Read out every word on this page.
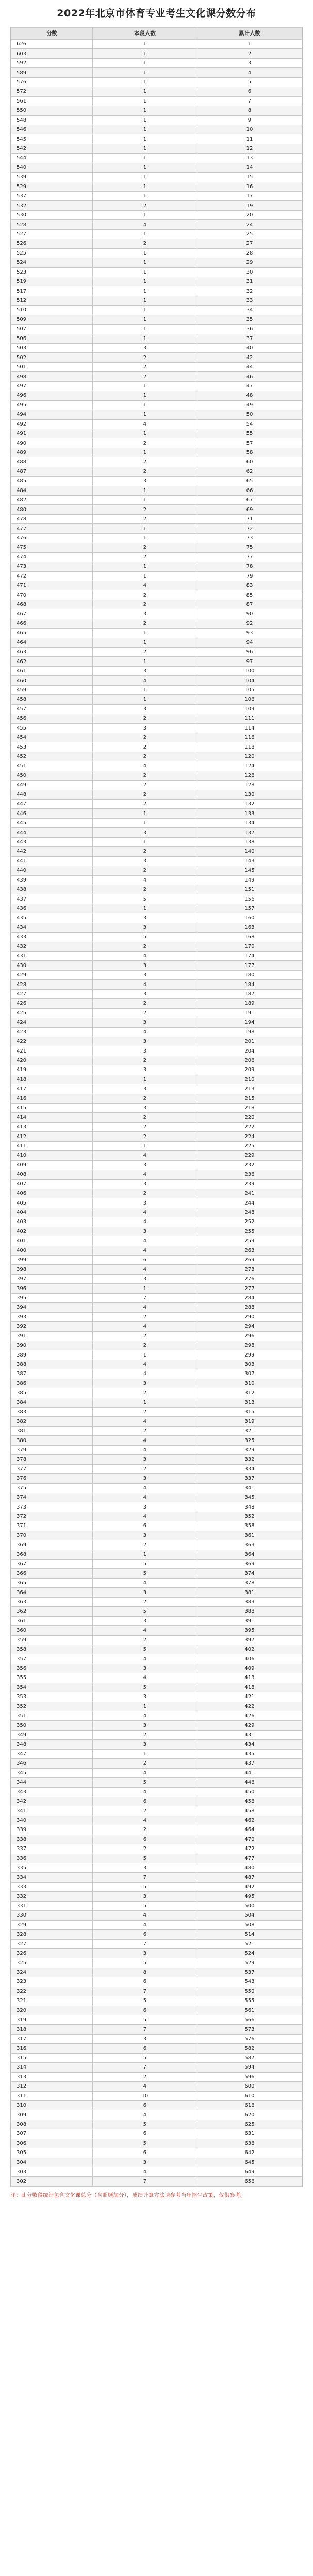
2022年北京市体育专业考生文化课分数分布
分数	本段人数	累计人数
626	1	1
603	1	2
592	1	3
589	1	4
576	1	5
572	1	6
561	1	7
550	1	8
548	1	9
546	1	10
545	1	11
542	1	12
544	1	13
540	1	14
539	1	15
529	1	16
537	1	17
532	2	19
530	1	20
528	4	24
527	1	25
526	2	27
525	1	28
524	1	29
523	1	30
519	1	31
517	1	32
512	1	33
510	1	34
509	1	35
507	1	36
506	1	37
503	3	40
502	2	42
501	2	44
498	2	46
497	1	47
496	1	48
495	1	49
494	1	50
492	4	54
491	1	55
490	2	57
489	1	58
488	2	60
487	2	62
485	3	65
484	1	66
482	1	67
480	2	69
478	2	71
477	1	72
476	1	73
475	2	75
474	2	77
473	1	78
472	1	79
471	4	83
470	2	85
468	2	87
467	3	90
466	2	92
465	1	93
464	1	94
463	2	96
462	1	97
461	3	100
460	4	104
459	1	105
458	1	106
457	3	109
456	2	111
455	3	114
454	2	116
453	2	118
452	2	120
451	4	124
450	2	126
449	2	128
448	2	130
447	2	132
446	1	133
445	1	134
444	3	137
443	1	138
442	2	140
441	3	143
440	2	145
439	4	149
438	2	151
437	5	156
436	1	157
435	3	160
434	3	163
433	5	168
432	2	170
431	4	174
430	3	177
429	3	180
428	4	184
427	3	187
426	2	189
425	2	191
424	3	194
423	4	198
422	3	201
421	3	204
420	2	206
419	3	209
418	1	210
417	3	213
416	2	215
415	3	218
414	2	220
413	2	222
412	2	224
411	1	225
410	4	229
409	3	232
408	4	236
407	3	239
406	2	241
405	3	244
404	4	248
403	4	252
402	3	255
401	4	259
400	4	263
399	6	269
398	4	273
397	3	276
396	1	277
395	7	284
394	4	288
393	2	290
392	4	294
391	2	296
390	2	298
389	1	299
388	4	303
387	4	307
386	3	310
385	2	312
384	1	313
383	2	315
382	4	319
381	2	321
380	4	325
379	4	329
378	3	332
377	2	334
376	3	337
375	4	341
374	4	345
373	3	348
372	4	352
371	6	358
370	3	361
369	2	363
368	1	364
367	5	369
366	5	374
365	4	378
364	3	381
363	2	383
362	5	388
361	3	391
360	4	395
359	2	397
358	5	402
357	4	406
356	3	409
355	4	413
354	5	418
353	3	421
352	1	422
351	4	426
350	3	429
349	2	431
348	3	434
347	1	435
346	2	437
345	4	441
344	5	446
343	4	450
342	6	456
341	2	458
340	4	462
339	2	464
338	6	470
337	2	472
336	5	477
335	3	480
334	7	487
333	5	492
332	3	495
331	5	500
330	4	504
329	4	508
328	6	514
327	7	521
326	3	524
325	5	529
324	8	537
323	6	543
322	7	550
321	5	555
320	6	561
319	5	566
318	7	573
317	3	576
316	6	582
315	5	587
314	7	594
313	2	596
312	4	600
311	10	610
310	6	616
309	4	620
308	5	625
307	6	631
306	5	636
305	6	642
304	3	645
303	4	649
302	7	656
注：此分数段统计包含文化课总分（含照顾加分），成绩计算方法请参考当年招生政策，仅供参考。
